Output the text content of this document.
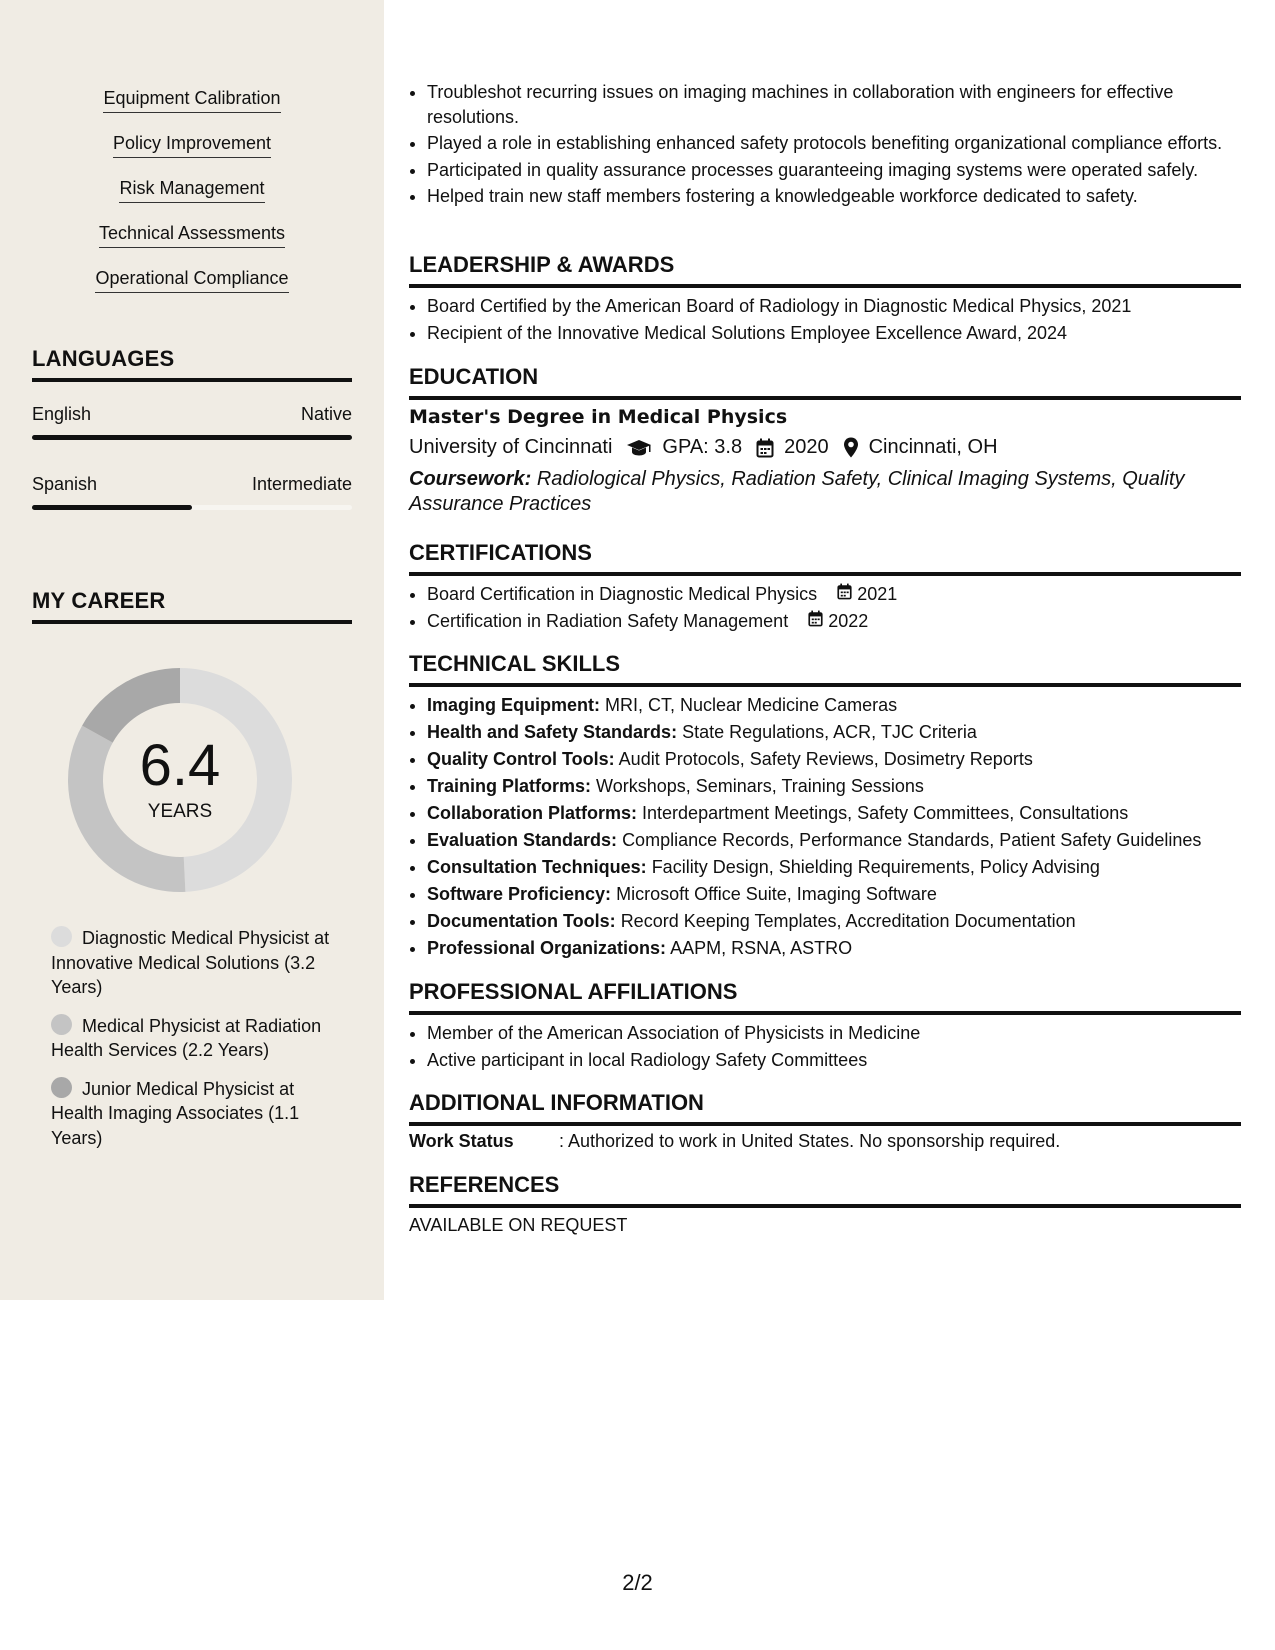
Equipment Calibration
Policy Improvement
Risk Management
Technical Assessments
Operational Compliance
LANGUAGES
English	Native
Spanish	Intermediate
MY CAREER
6.4
YEARS
Diagnostic Medical Physicist at Innovative Medical Solutions (3.2 Years)
Medical Physicist at Radiation Health Services (2.2 Years)
Junior Medical Physicist at Health Imaging Associates (1.1 Years)
• Troubleshot recurring issues on imaging machines in collaboration with engineers for effective resolutions.
• Played a role in establishing enhanced safety protocols benefiting organizational compliance efforts.
• Participated in quality assurance processes guaranteeing imaging systems were operated safely.
• Helped train new staff members fostering a knowledgeable workforce dedicated to safety.
LEADERSHIP & AWARDS
• Board Certified by the American Board of Radiology in Diagnostic Medical Physics, 2021
• Recipient of the Innovative Medical Solutions Employee Excellence Award, 2024
EDUCATION
Master's Degree in Medical Physics
University of Cincinnati	GPA: 3.8 2020 Cincinnati, OH
Coursework: Radiological Physics, Radiation Safety, Clinical Imaging Systems, Quality Assurance Practices
CERTIFICATIONS
• Board Certification in Diagnostic Medical Physics 2021
• Certification in Radiation Safety Management 2022
TECHNICAL SKILLS
• Imaging Equipment: MRI, CT, Nuclear Medicine Cameras
• Health and Safety Standards: State Regulations, ACR, TJC Criteria
• Quality Control Tools: Audit Protocols, Safety Reviews, Dosimetry Reports
• Training Platforms: Workshops, Seminars, Training Sessions
• Collaboration Platforms: Interdepartment Meetings, Safety Committees, Consultations
• Evaluation Standards: Compliance Records, Performance Standards, Patient Safety Guidelines
• Consultation Techniques: Facility Design, Shielding Requirements, Policy Advising
• Software Proficiency: Microsoft Office Suite, Imaging Software
• Documentation Tools: Record Keeping Templates, Accreditation Documentation
• Professional Organizations: AAPM, RSNA, ASTRO
PROFESSIONAL AFFILIATIONS
• Member of the American Association of Physicists in Medicine
• Active participant in local Radiology Safety Committees
ADDITIONAL INFORMATION
Work Status	: Authorized to work in United States. No sponsorship required.
REFERENCES
AVAILABLE ON REQUEST
2/2
